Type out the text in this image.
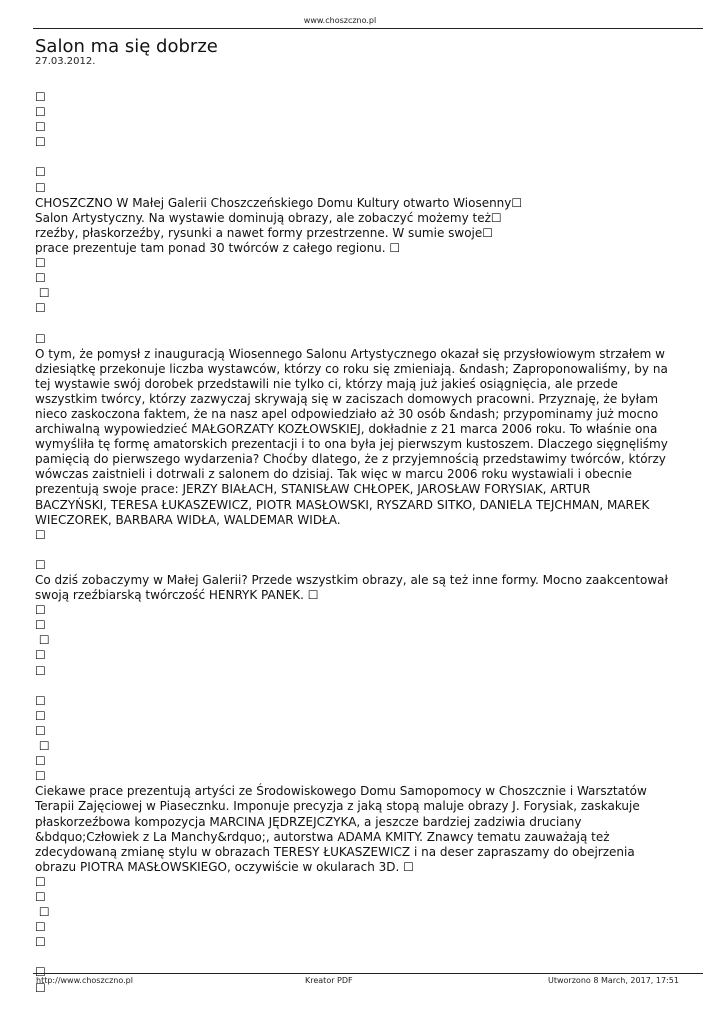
www.choszczno.pl
Salon ma się dobrze
27.03.2012.
☐
☐
☐
☐
☐
☐
CHOSZCZNO W Małej Galerii Choszczeńskiego Domu Kultury otwarto Wiosenny☐
Salon Artystyczny. Na wystawie dominują obrazy, ale zobaczyć możemy też☐
rzeźby, płaskorzeźby, rysunki a nawet formy przestrzenne. W sumie swoje☐
prace prezentuje tam ponad 30 twórców z całego regionu. ☐
☐
☐
☐
☐
☐
O tym, że pomysł z inauguracją Wiosennego Salonu Artystycznego okazał się przysłowiowym strzałem w
dziesiątkę przekonuje liczba wystawców, którzy co roku się zmieniają. &ndash; Zaproponowaliśmy, by na
tej wystawie swój dorobek przedstawili nie tylko ci, którzy mają już jakieś osiągnięcia, ale przede
wszystkim twórcy, którzy zazwyczaj skrywają się w zaciszach domowych pracowni. Przyznaję, że byłam
nieco zaskoczona faktem, że na nasz apel odpowiedziało aż 30 osób &ndash; przypominamy już mocno
archiwalną wypowiedzieć MAŁGORZATY KOZŁOWSKIEJ, dokładnie z 21 marca 2006 roku. To właśnie ona
wymyśliła tę formę amatorskich prezentacji i to ona była jej pierwszym kustoszem. Dlaczego sięgnęliśmy
pamięcią do pierwszego wydarzenia? Choćby dlatego, że z przyjemnością przedstawimy twórców, którzy
wówczas zaistnieli i dotrwali z salonem do dzisiaj. Tak więc w marcu 2006 roku wystawiali i obecnie
prezentują swoje prace: JERZY BIAŁACH, STANISŁAW CHŁOPEK, JAROSŁAW FORYSIAK, ARTUR
BACZYŃSKI, TERESA ŁUKASZEWICZ, PIOTR MASŁOWSKI, RYSZARD SITKO, DANIELA TEJCHMAN, MAREK
WIECZOREK, BARBARA WIDŁA, WALDEMAR WIDŁA.
☐
☐
Co dziś zobaczymy w Małej Galerii? Przede wszystkim obrazy, ale są też inne formy. Mocno zaakcentował
swoją rzeźbiarską twórczość HENRYK PANEK. ☐
☐
☐
☐
☐
☐
☐
☐
☐
☐
☐
☐
Ciekawe prace prezentują artyści ze Środowiskowego Domu Samopomocy w Choszcznie i Warsztatów
Terapii Zajęciowej w Piasecznku. Imponuje precyzja z jaką stopą maluje obrazy J. Forysiak, zaskakuje
płaskorzeźbowa kompozycja MARCINA JĘDRZEJCZYKA, a jeszcze bardziej zadziwia druciany
&bdquo;Człowiek z La Manchy&rdquo;, autorstwa ADAMA KMITY. Znawcy tematu zauważają też
zdecydowaną zmianę stylu w obrazach TERESY ŁUKASZEWICZ i na deser zapraszamy do obejrzenia
obrazu PIOTRA MASŁOWSKIEGO, oczywiście w okularach 3D. ☐
☐
☐
☐
☐
☐
☐
☐
http://www.choszczno.pl	Kreator PDF	Utworzono 8 March, 2017, 17:51
